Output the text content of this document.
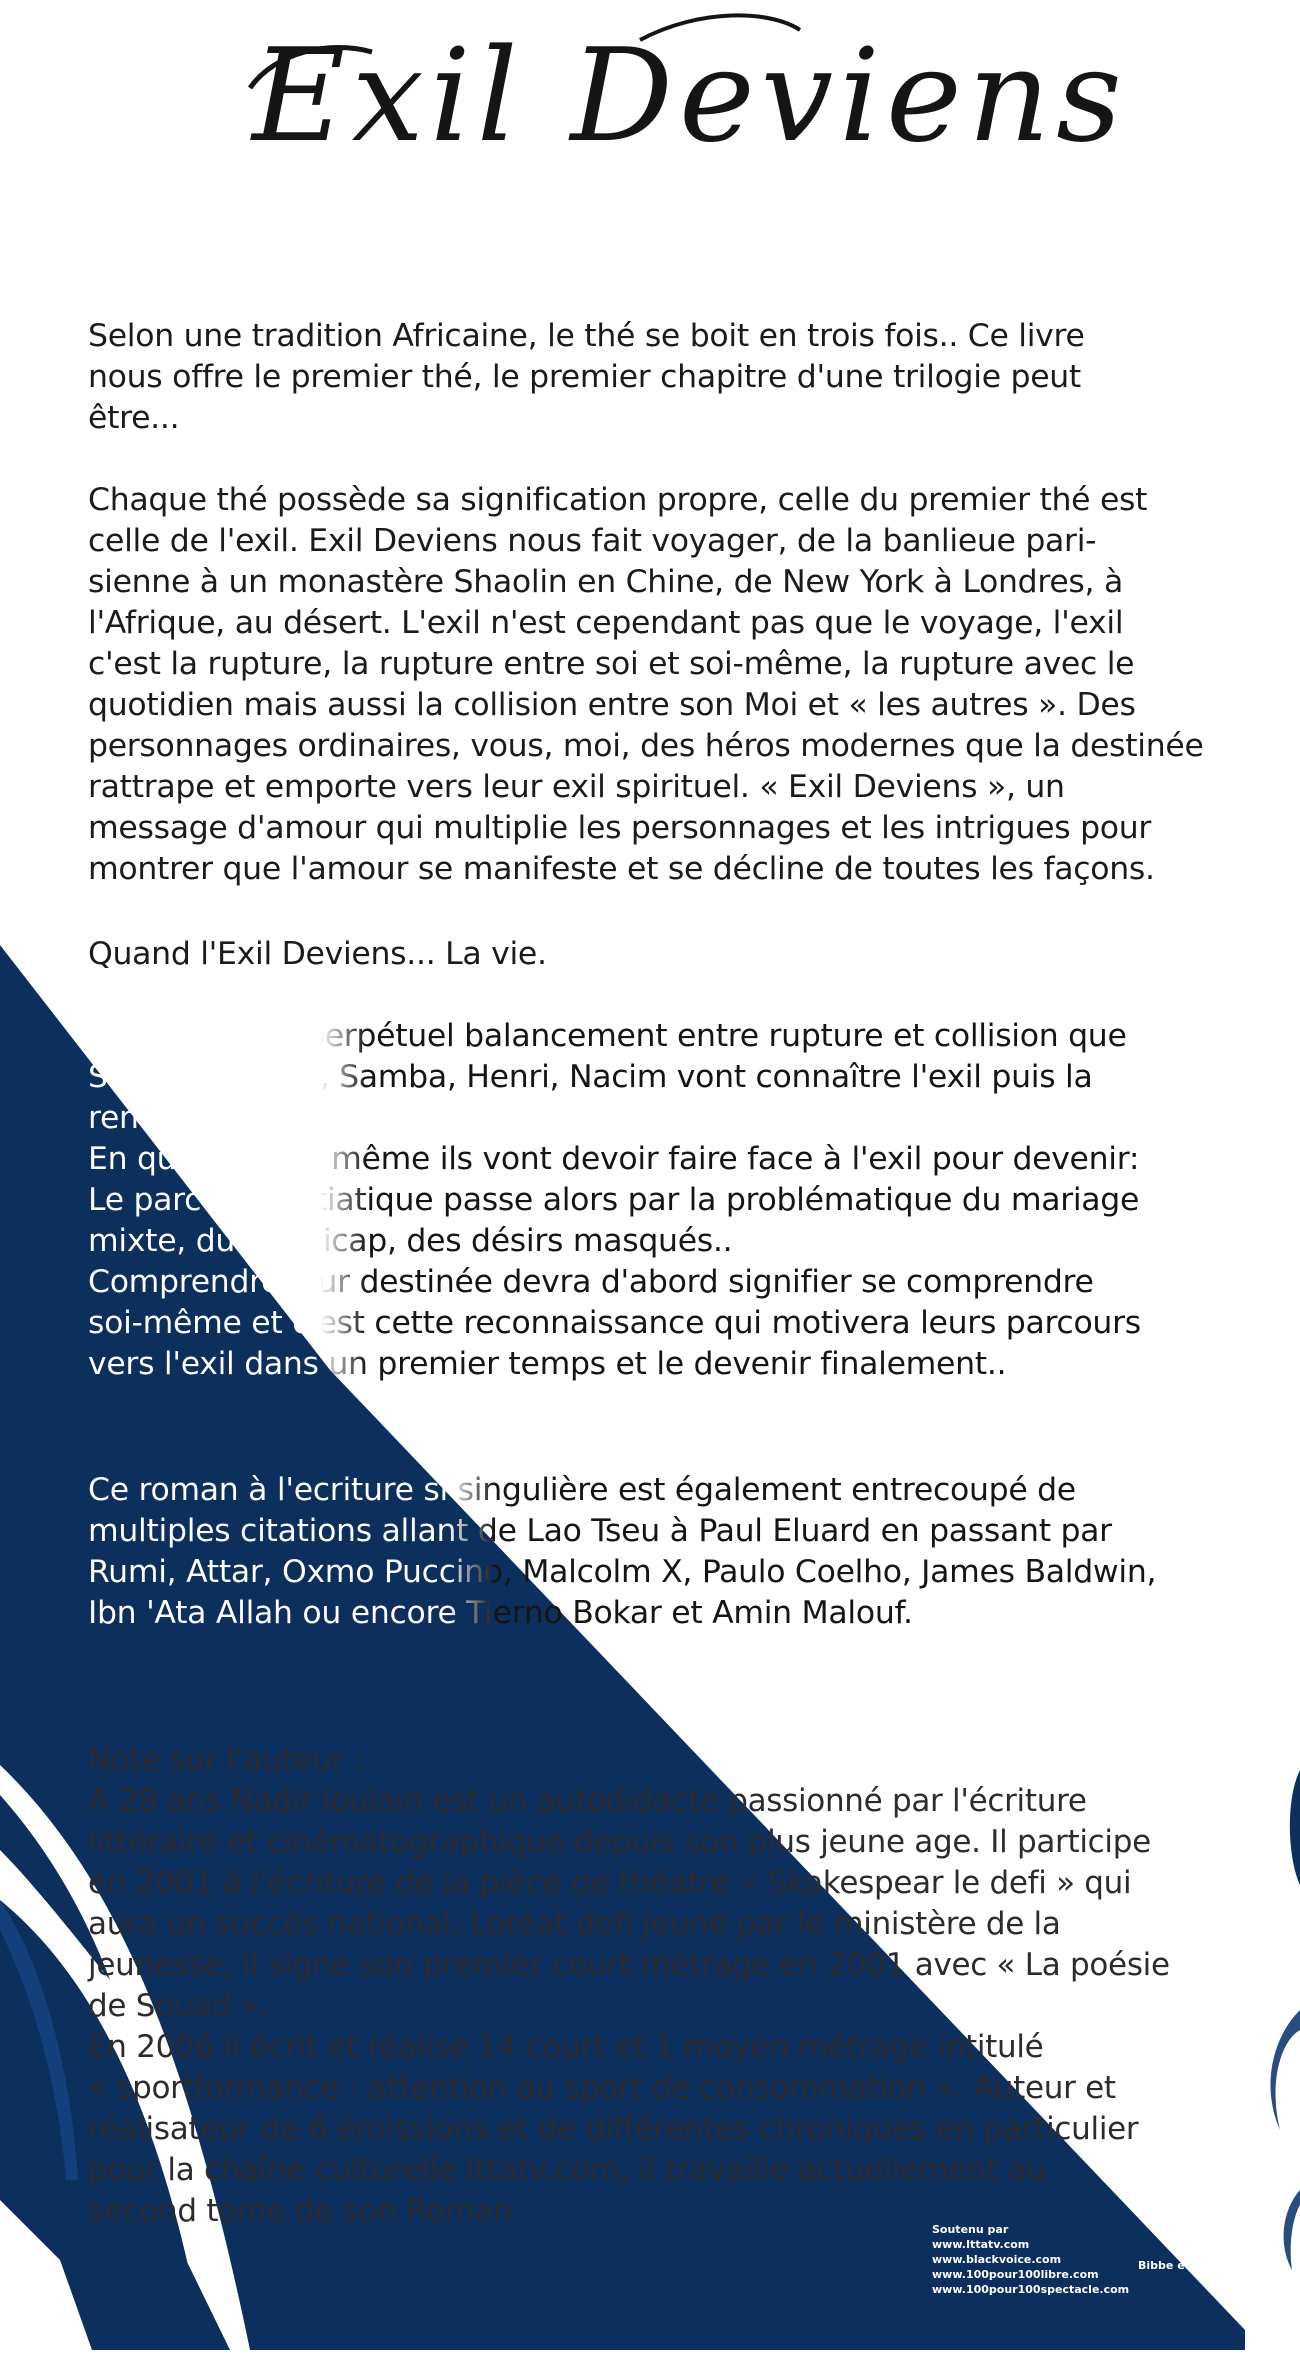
Exil Deviens
Selon une tradition Africaine, le thé se boit en trois fois.. Ce livre
nous offre le premier thé, le premier chapitre d'une trilogie peut
être...
Chaque thé possède sa signification propre, celle du premier thé est
celle de l'exil. Exil Deviens nous fait voyager, de la banlieue pari-
sienne à un monastère Shaolin en Chine, de New York à Londres, à
l'Afrique, au désert. L'exil n'est cependant pas que le voyage, l'exil
c'est la rupture, la rupture entre soi et soi-même, la rupture avec le
quotidien mais aussi la collision entre son Moi et « les autres ». Des
personnages ordinaires, vous, moi, des héros modernes que la destinée
rattrape et emporte vers leur exil spirituel. « Exil Deviens », un
message d'amour qui multiplie les personnages et les intrigues pour
montrer que l'amour se manifeste et se décline de toutes les façons.
Quand l'Exil Deviens... La vie.
C'est dans ce perpétuel balancement entre rupture et collision que
Sana, Fatimata, Samba, Henri, Nacim vont connaître l'exil puis la
renaissance..
En quête d'eux même ils vont devoir faire face à l'exil pour devenir:
Le parcours initiatique passe alors par la problématique du mariage
mixte, du handicap, des désirs masqués..
Comprendre leur destinée devra d'abord signifier se comprendre
soi-même et c'est cette reconnaissance qui motivera leurs parcours
vers l'exil dans un premier temps et le devenir finalement..
Ce roman à l'ecriture si singulière est également entrecoupé de
multiples citations allant de Lao Tseu à Paul Eluard en passant par
Rumi, Attar, Oxmo Puccino, Malcolm X, Paulo Coelho, James Baldwin,
Ibn 'Ata Allah ou encore Tierno Bokar et Amin Malouf.
Note sur l'auteur :
A 28 ans Nadir Ioulain est un autodidacte passionné par l'écriture
littéraire et cinématographique depuis son plus jeune age. Il participe
en 2001 à l'écriture de la pièce de théatre « Skakespear le defi » qui
aura un succès national. Loréat defi jeune par le ministère de la
jeunesse, il signe son premier court métrage en 2001 avec « La poésie
de Souad ».
En 2006 il écrit et réalise 14 court et 1 moyen métrage intitulé
« sportformance : attention au sport de consommation ». Auteur et
réalisateur de 6 émissions et de différentes chroniques en particulier
pour la chaîne culturelle Ittatv.com, il travaille actuellement au
second tome de son Roman.
Soutenu par
www.Ittatv.com
www.blackvoice.com
www.100pour100libre.com
www.100pour100spectacle.com
Bibbe editions
